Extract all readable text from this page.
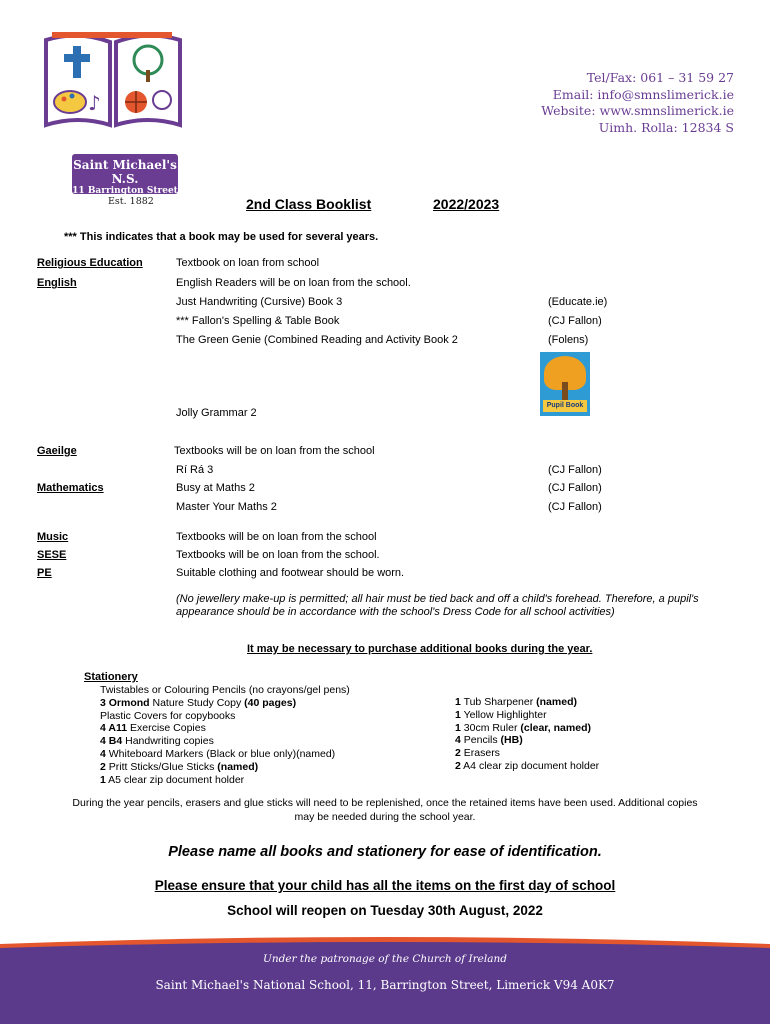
♪
Saint Michael's N.S.
11 Barrington Street
Est. 1882
Tel/Fax: 061 – 31 59 27
Email: info@smnslimerick.ie
Website: www.smnslimerick.ie
Uimh. Rolla: 12834 S
2nd Class Booklist	2022/2023
*** This indicates that a book may be used for several years.
Religious Education	Textbook on loan from school
English	English Readers will be on loan from the school.
Just Handwriting (Cursive) Book 3	(Educate.ie)
*** Fallon's Spelling & Table Book	(CJ Fallon)
The Green Genie (Combined Reading and Activity Book 2	(Folens)
Pupil Book
Jolly Grammar 2
Gaeilge	Textbooks will be on loan from the school
Rí Rá 3	(CJ Fallon)
Mathematics	Busy at Maths 2	(CJ Fallon)
Master Your Maths 2	(CJ Fallon)
Music	Textbooks will be on loan from the school
SESE	Textbooks will be on loan from the school.
PE	Suitable clothing and footwear should be worn.
(No jewellery make-up is permitted; all hair must be tied back and off a child's forehead. Therefore, a pupil's
appearance should be in accordance with the school's Dress Code for all school activities)
It may be necessary to purchase additional books during the year.
Stationery
Twistables or Colouring Pencils (no crayons/gel pens)
3 Ormond Nature Study Copy (40 pages)
Plastic Covers for copybooks
4 A11 Exercise Copies
4 B4 Handwriting copies
4 Whiteboard Markers (Black or blue only)(named)
2 Pritt Sticks/Glue Sticks (named)
1 A5 clear zip document holder
1 Tub Sharpener (named)
1 Yellow Highlighter
1 30cm Ruler (clear, named)
4 Pencils (HB)
2 Erasers
2 A4 clear zip document holder
During the year pencils, erasers and glue sticks will need to be replenished, once the retained items have been used. Additional copies
may be needed during the school year.
Please name all books and stationery for ease of identification.
Please ensure that your child has all the items on the first day of school
School will reopen on Tuesday 30th August, 2022
Under the patronage of the Church of Ireland
Saint Michael's National School, 11, Barrington Street, Limerick V94 A0K7
